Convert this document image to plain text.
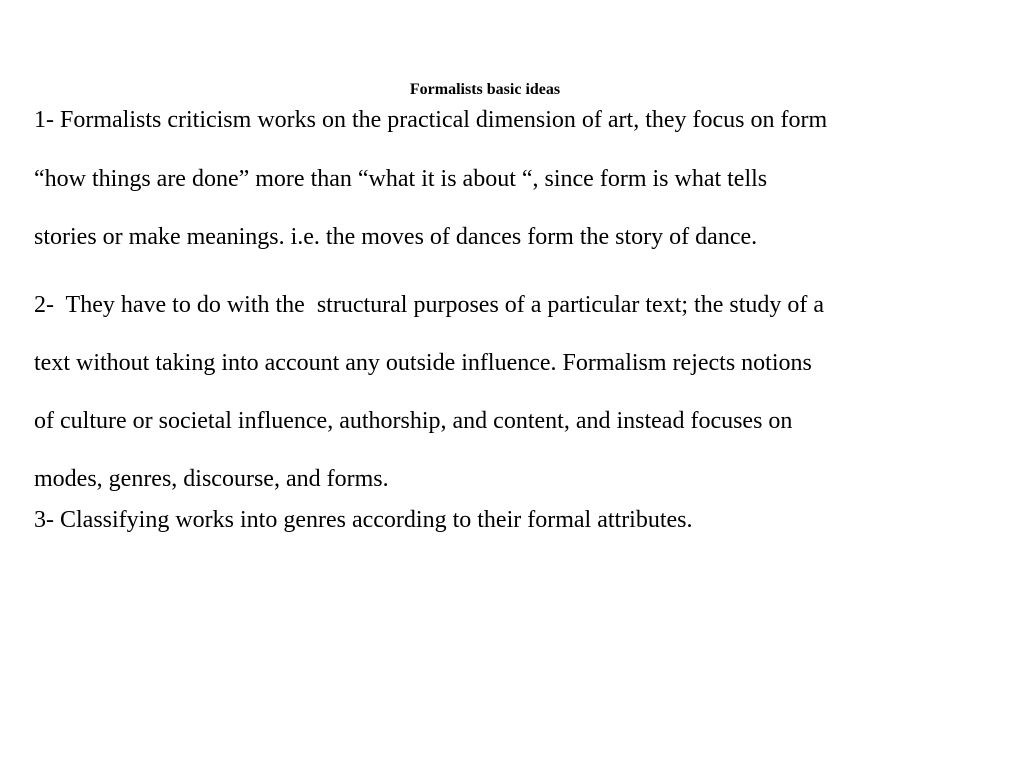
Formalists basic ideas
1- Formalists criticism works on the practical dimension of art, they focus on form
“how things are done” more than “what it is about “, since form is what tells
stories or make meanings. i.e. the moves of dances form the story of dance.
2-  They have to do with the  structural purposes of a particular text; the study of a
text without taking into account any outside influence. Formalism rejects notions
of culture or societal influence, authorship, and content, and instead focuses on
modes, genres, discourse, and forms.
3- Classifying works into genres according to their formal attributes.
